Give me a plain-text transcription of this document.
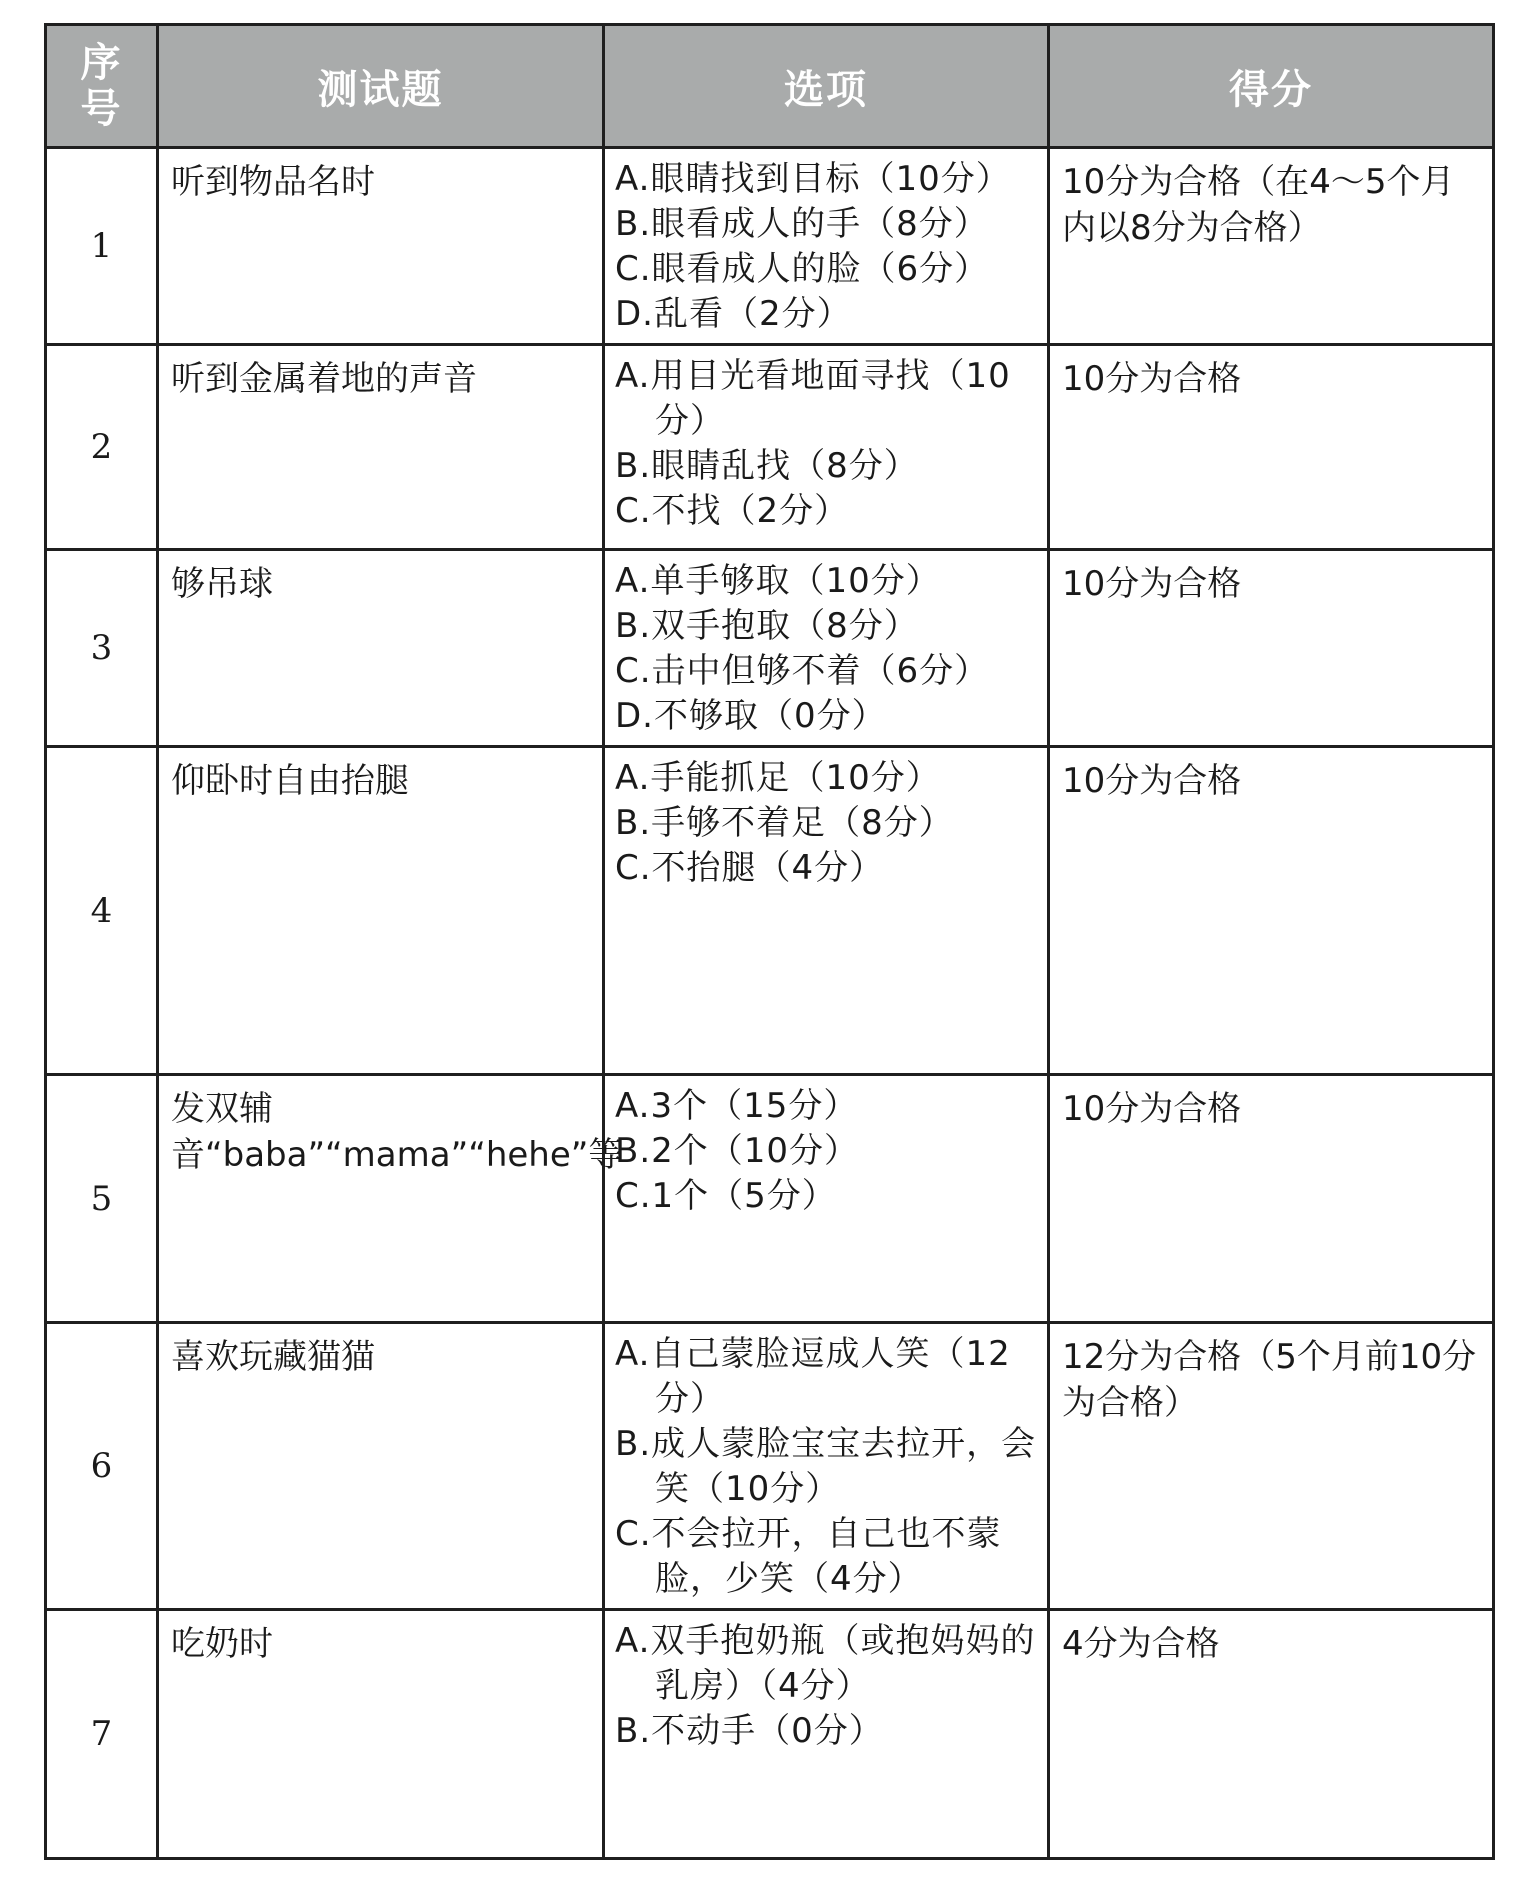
序
号	测试题	选项	得分
1	听到物品名时	A.眼睛找到目标（10分）
B.眼看成人的手（8分）
C.眼看成人的脸（6分）
D.乱看（2分）	10分为合格（在4～5个月内以8分为合格）
2	听到金属着地的声音	A.用目光看地面寻找（10分）
B.眼睛乱找（8分）
C.不找（2分）	10分为合格
3	够吊球	A.单手够取（10分）
B.双手抱取（8分）
C.击中但够不着（6分）
D.不够取（0分）	10分为合格
4	仰卧时自由抬腿	A.手能抓足（10分）
B.手够不着足（8分）
C.不抬腿（4分）	10分为合格
5	发双辅音“baba”“mama”“hehe”等	A.3个（15分）
B.2个（10分）
C.1个（5分）	10分为合格
6	喜欢玩藏猫猫	A.自己蒙脸逗成人笑（12分）
B.成人蒙脸宝宝去拉开，会笑（10分）
C.不会拉开，自己也不蒙脸，少笑（4分）	12分为合格（5个月前10分为合格）
7	吃奶时	A.双手抱奶瓶（或抱妈妈的乳房）（4分）
B.不动手（0分）	4分为合格
